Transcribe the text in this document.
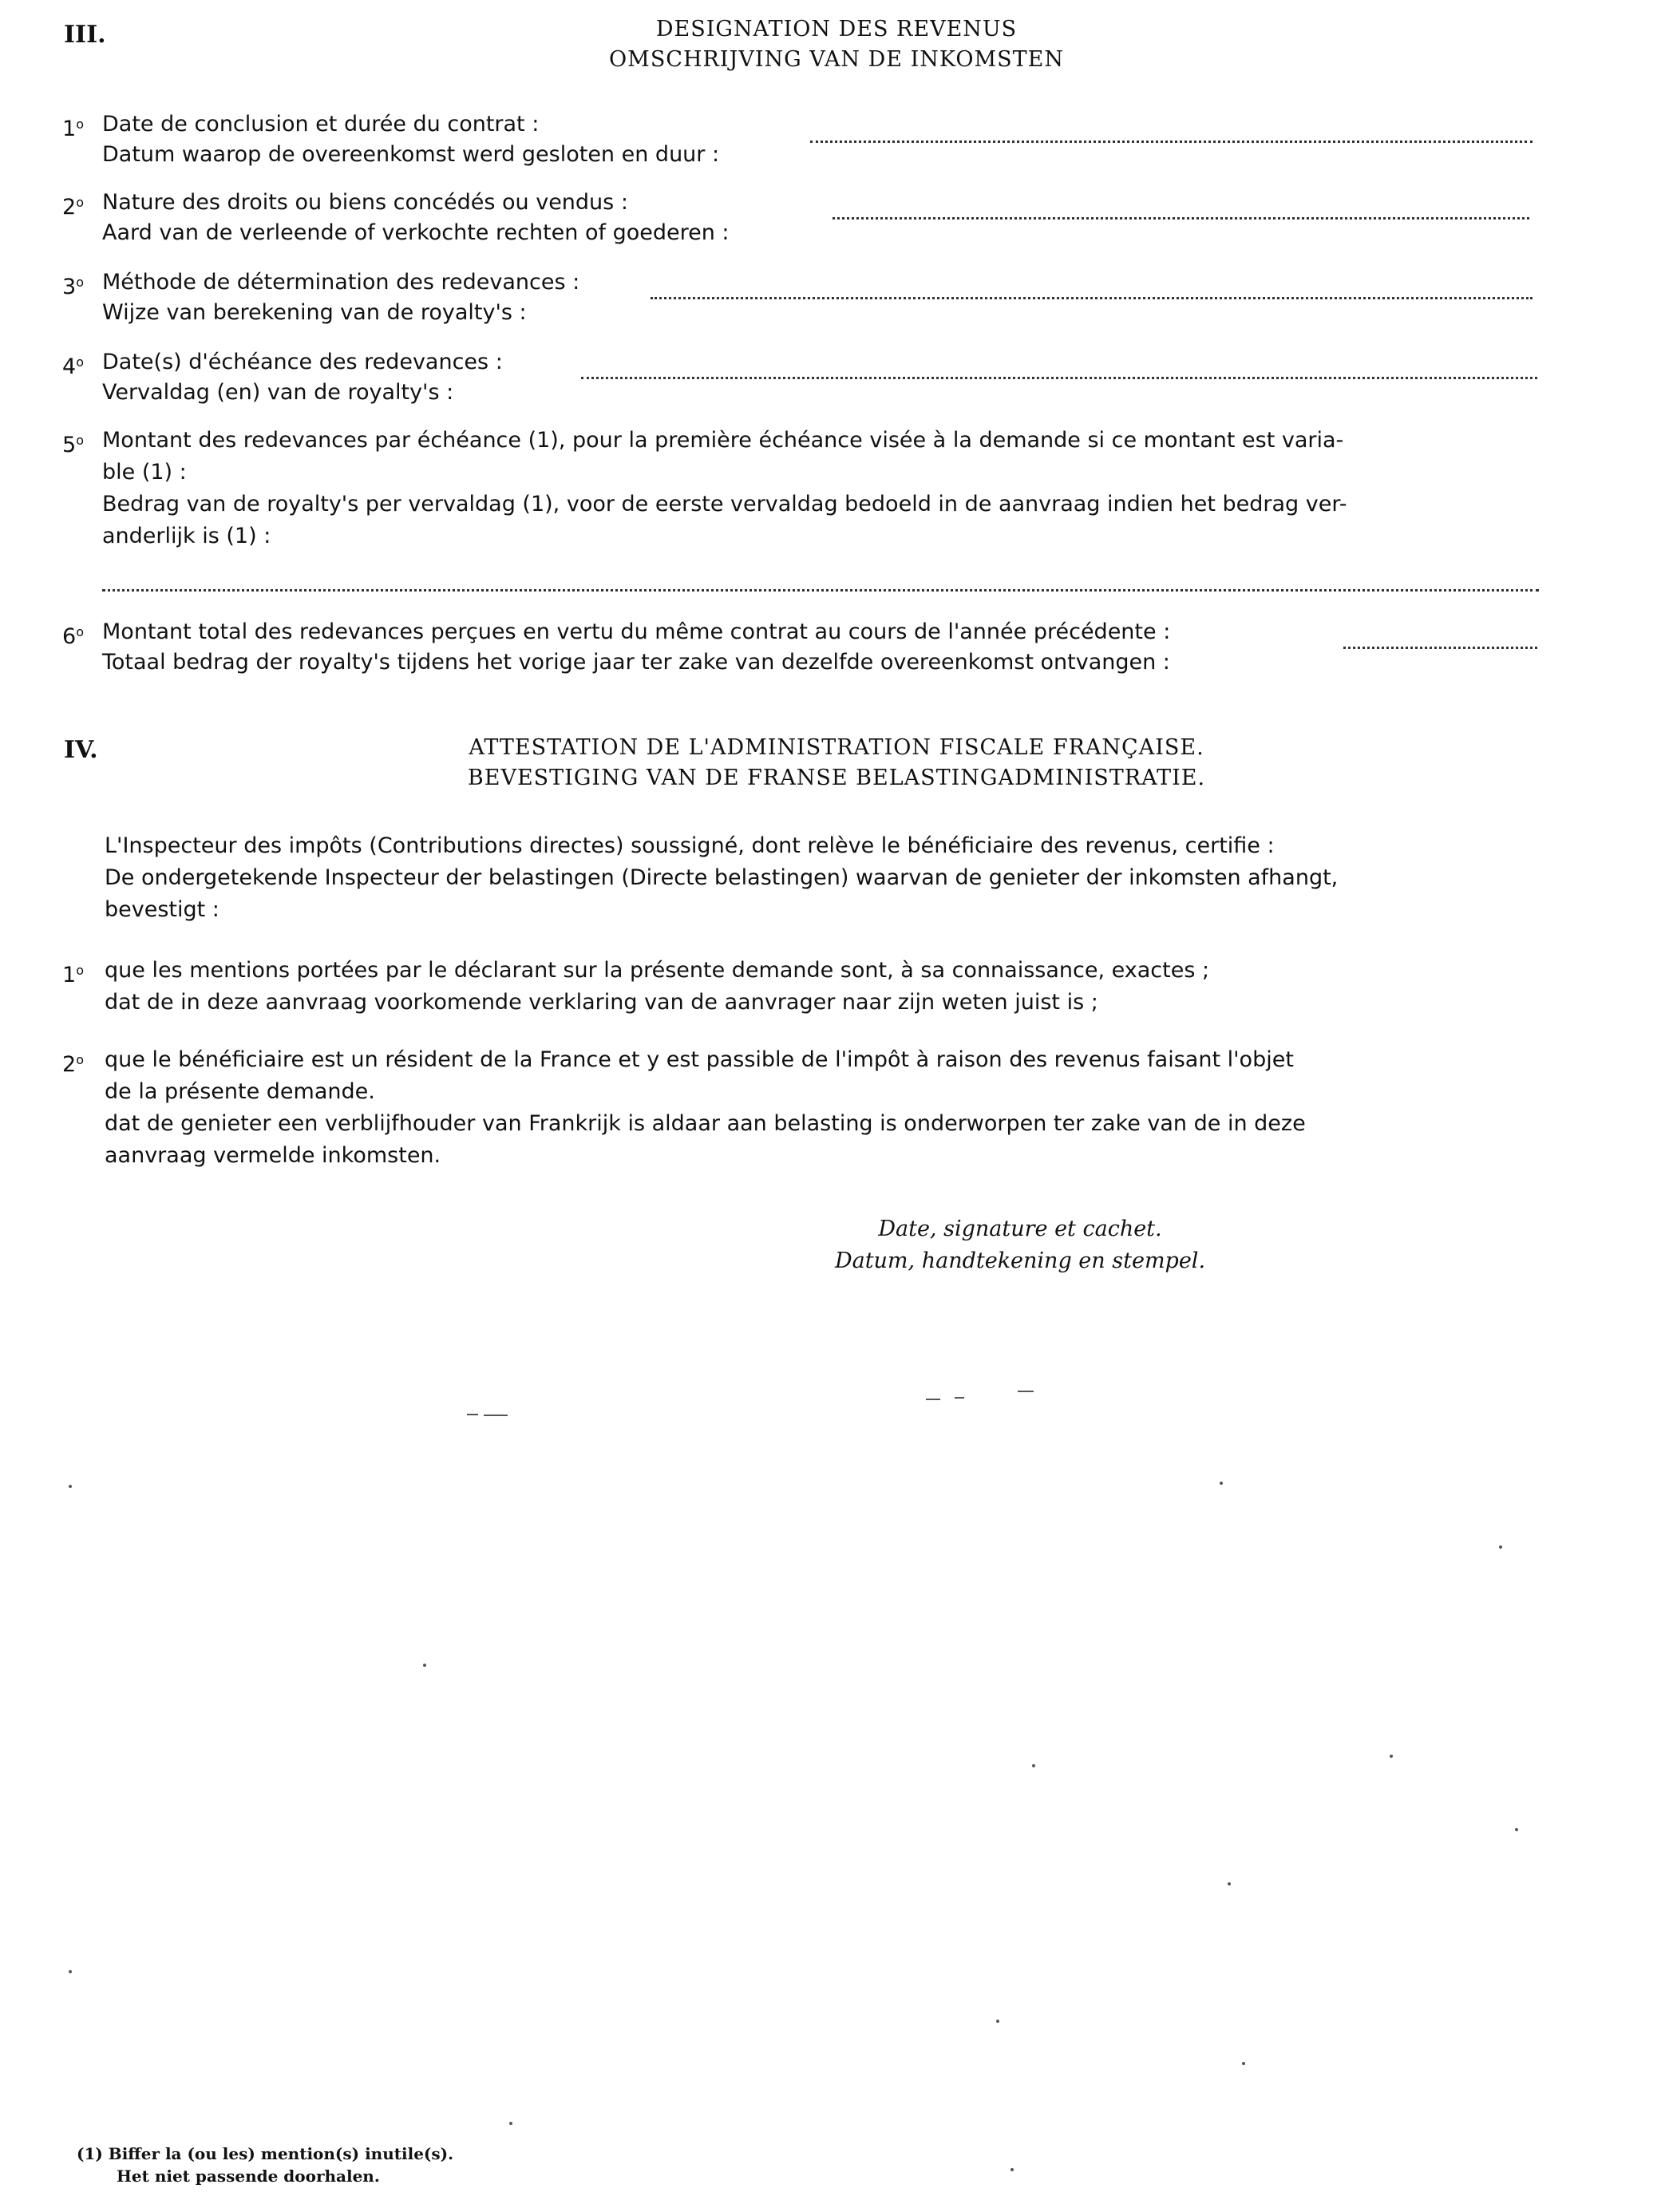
III.	DESIGNATION DES REVENUS
OMSCHRIJVING VAN DE INKOMSTEN
1$^o$ Date de conclusion et durée du contrat :
Datum waarop de overeenkomst werd gesloten en duur :
2$^o$ Nature des droits ou biens concédés ou vendus :
Aard van de verleende of verkochte rechten of goederen :
3$^o$ Méthode de détermination des redevances :
Wijze van berekening van de royalty's :
4$^o$ Date(s) d'échéance des redevances :
Vervaldag (en) van de royalty's :
5$^o$ Montant des redevances par échéance (1), pour la première échéance visée à la demande si ce montant est varia-
ble (1) :
Bedrag van de royalty's per vervaldag (1), voor de eerste vervaldag bedoeld in de aanvraag indien het bedrag ver-
anderlijk is (1) :
6$^o$ Montant total des redevances perçues en vertu du même contrat au cours de l'année précédente :
Totaal bedrag der royalty's tijdens het vorige jaar ter zake van dezelfde overeenkomst ontvangen :
IV.	ATTESTATION DE L'ADMINISTRATION FISCALE FRANÇAISE.
BEVESTIGING VAN DE FRANSE BELASTINGADMINISTRATIE.
L'Inspecteur des impôts (Contributions directes) soussigné, dont relève le bénéficiaire des revenus, certifie :
De ondergetekende Inspecteur der belastingen (Directe belastingen) waarvan de genieter der inkomsten afhangt,
bevestigt :
1$^o$ que les mentions portées par le déclarant sur la présente demande sont, à sa connaissance, exactes ;
dat de in deze aanvraag voorkomende verklaring van de aanvrager naar zijn weten juist is ;
2$^o$ que le bénéficiaire est un résident de la France et y est passible de l'impôt à raison des revenus faisant l'objet
de la présente demande.
dat de genieter een verblijfhouder van Frankrijk is aldaar aan belasting is onderworpen ter zake van de in deze
aanvraag vermelde inkomsten.
Date, signature et cachet.
Datum, handtekening en stempel.
(1) Biffer la (ou les) mention(s) inutile(s).
Het niet passende doorhalen.
